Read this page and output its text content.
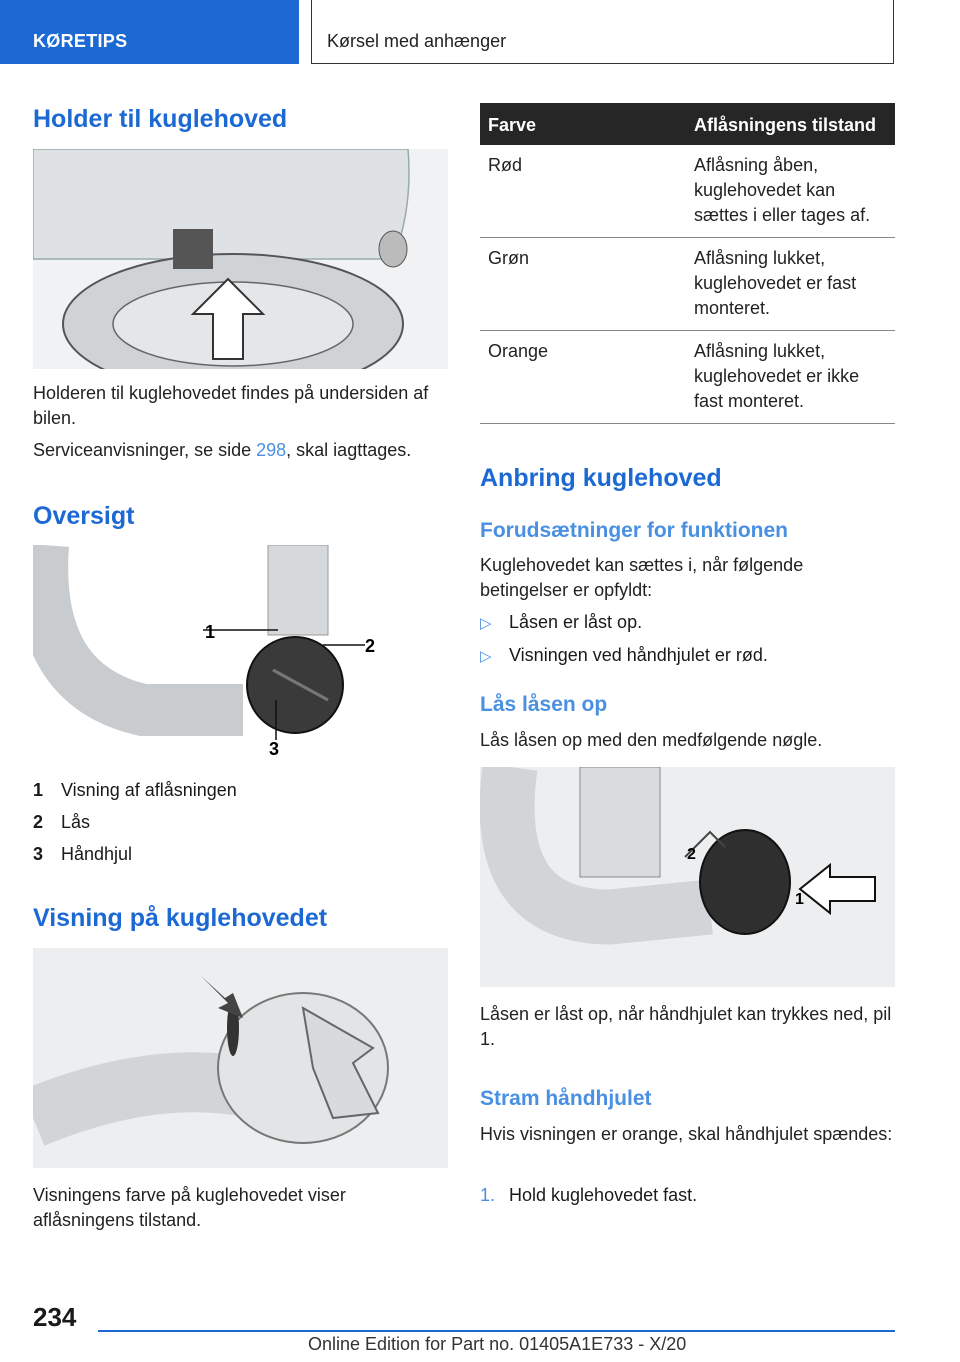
KØRETIPS	Kørsel med anhænger
Holder til kuglehoved

Holderen til kuglehovedet findes på undersiden af bilen.

Serviceanvisninger, se side 298, skal iagttages.

Oversigt
1
2
3
1 Visning af aflåsningen
2 Lås
3 Håndhjul
Visning på kuglehovedet

Visningens farve på kuglehovedet viser aflåsningens tilstand.

Farve	Aflåsningens tilstand
Rød	Aflåsning åben, kuglehovedet kan sættes i eller tages af.
Grøn	Aflåsning lukket, kuglehovedet er fast monteret.
Orange	Aflåsning lukket, kuglehovedet er ikke fast monteret.
Anbring kuglehoved
Forudsætninger for funktionen

Kuglehovedet kan sættes i, når følgende betingelser er opfyldt:

▷ Låsen er låst op.
▷ Visningen ved håndhjulet er rød.
Lås låsen op

Lås låsen op med den medfølgende nøgle.

2
1

Låsen er låst op, når håndhjulet kan trykkes ned, pil 1.

Stram håndhjulet

Hvis visningen er orange, skal håndhjulet spændes:

1. Hold kuglehovedet fast.
234
Online Edition for Part no. 01405A1E733 - X/20
